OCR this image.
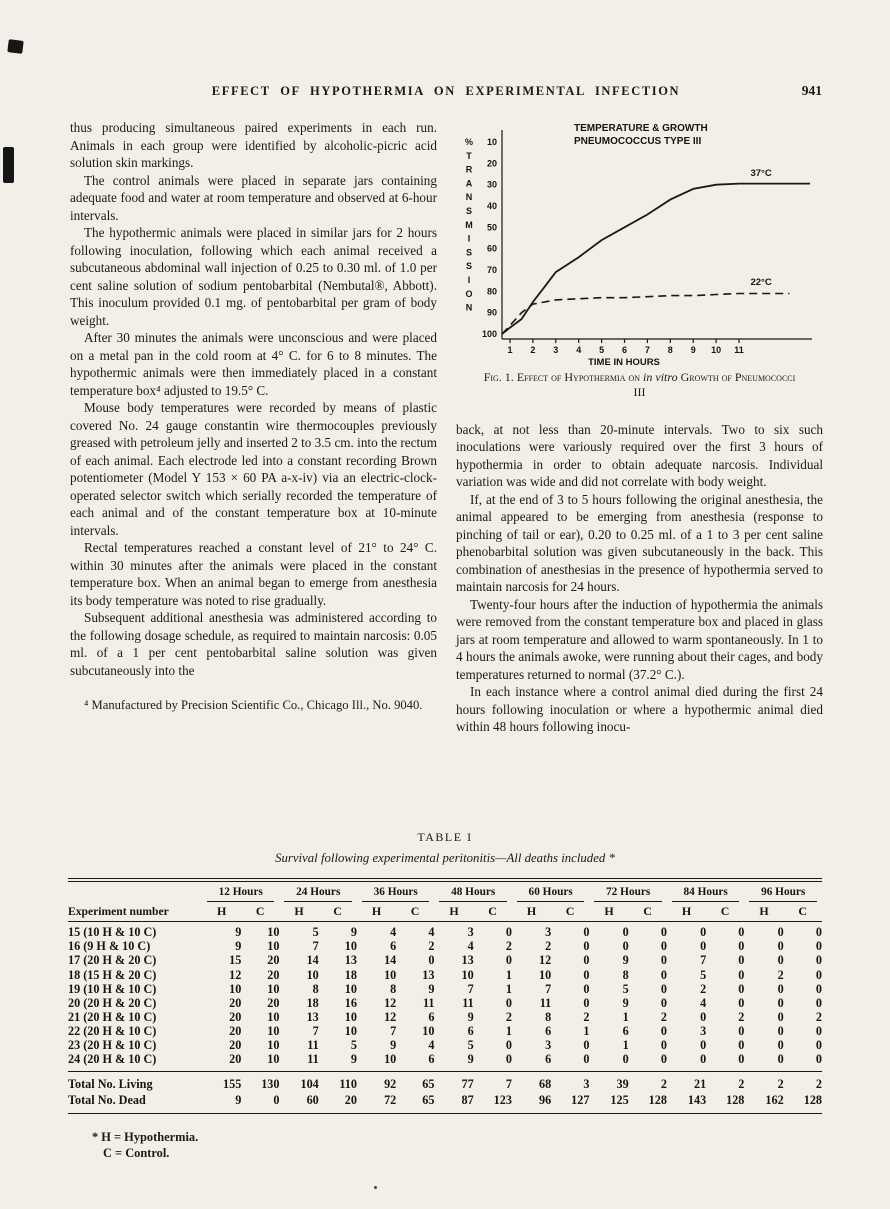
EFFECT OF HYPOTHERMIA ON EXPERIMENTAL INFECTION	941

thus producing simultaneous paired experiments in each run. Animals in each group were identified by alcoholic-picric acid solution skin markings.

The control animals were placed in separate jars containing adequate food and water at room temperature and observed at 6-hour intervals.

The hypothermic animals were placed in similar jars for 2 hours following inoculation, following which each animal received a subcutaneous abdominal wall injection of 0.25 to 0.30 ml. of 1.0 per cent saline solution of sodium pentobarbital (Nembutal®, Abbott). This inoculum provided 0.1 mg. of pentobarbital per gram of body weight.

After 30 minutes the animals were unconscious and were placed on a metal pan in the cold room at 4° C. for 6 to 8 minutes. The hypothermic animals were then immediately placed in a constant temperature box⁴ adjusted to 19.5° C.

Mouse body temperatures were recorded by means of plastic covered No. 24 gauge constantin wire thermocouples previously greased with petroleum jelly and inserted 2 to 3.5 cm. into the rectum of each animal. Each electrode led into a constant recording Brown potentiometer (Model Y 153 × 60 PA a-x-iv) via an electric-clock-operated selector switch which serially recorded the temperature of each animal and of the constant temperature box at 10-minute intervals.

Rectal temperatures reached a constant level of 21° to 24° C. within 30 minutes after the animals were placed in the constant temperature box. When an animal began to emerge from anesthesia its body temperature was noted to rise gradually.

Subsequent additional anesthesia was administered according to the following dosage schedule, as required to maintain narcosis: 0.05 ml. of a 1 per cent pentobarbital saline solution was given subcutaneously into the

⁴ Manufactured by Precision Scientific Co., Chicago Ill., No. 9040.
TEMPERATURE & GROWTH
PNEUMOCOCCUS TYPE III
10
20
30
40
50
60
70
80
90
100
%
T
R
A
N
S
M
I
S
S
I
O
N
1 2 3 4 5 6 7 8 9 10 11
TIME IN HOURS
37°C
22°C
Fig. 1. Effect of Hypothermia on in vitro Growth of Pneumococci III

back, at not less than 20-minute intervals. Two to six such inoculations were variously required over the first 3 hours of hypothermia in order to obtain adequate narcosis. Individual variation was wide and did not correlate with body weight.

If, at the end of 3 to 5 hours following the original anesthesia, the animal appeared to be emerging from anesthesia (response to pinching of tail or ear), 0.20 to 0.25 ml. of a 1 to 3 per cent saline phenobarbital solution was given subcutaneously in the back. This combination of anesthesias in the presence of hypothermia served to maintain narcosis for 24 hours.

Twenty-four hours after the induction of hypothermia the animals were removed from the constant temperature box and placed in glass jars at room temperature and allowed to warm spontaneously. In 1 to 4 hours the animals awoke, were running about their cages, and body temperatures returned to normal (37.2° C.).

In each instance where a control animal died during the first 24 hours following inoculation or where a hypothermic animal died within 48 hours following inocu-

TABLE I
Survival following experimental peritonitis—All deaths included *

	12 Hours		24 Hours		36 Hours		48 Hours		60 Hours		72 Hours		84 Hours		96 Hours	

Experiment number	H	C	H	C	H	C	H	C	H	C	H	C	H	C	H	C
15 (10 H & 10 C)	9	10	5	9	4	4	3	0	3	0	0	0	0	0	0	0
16 (9 H & 10 C)	9	10	7	10	6	2	4	2	2	0	0	0	0	0	0	0
17 (20 H & 20 C)	15	20	14	13	14	0	13	0	12	0	9	0	7	0	0	0
18 (15 H & 20 C)	12	20	10	18	10	13	10	1	10	0	8	0	5	0	2	0
19 (10 H & 10 C)	10	10	8	10	8	9	7	1	7	0	5	0	2	0	0	0
20 (20 H & 20 C)	20	20	18	16	12	11	11	0	11	0	9	0	4	0	0	0
21 (20 H & 10 C)	20	10	13	10	12	6	9	2	8	2	1	2	0	2	0	2
22 (20 H & 10 C)	20	10	7	10	7	10	6	1	6	1	6	0	3	0	0	0
23 (20 H & 10 C)	20	10	11	5	9	4	5	0	3	0	1	0	0	0	0	0
24 (20 H & 10 C)	20	10	11	9	10	6	9	0	6	0	0	0	0	0	0	0
Total No. Living	155	130	104	110	92	65	77	7	68	3	39	2	21	2	2	2
Total No. Dead	9	0	60	20	72	65	87	123	96	127	125	128	143	128	162	128
* H = Hypothermia.
C = Control.
